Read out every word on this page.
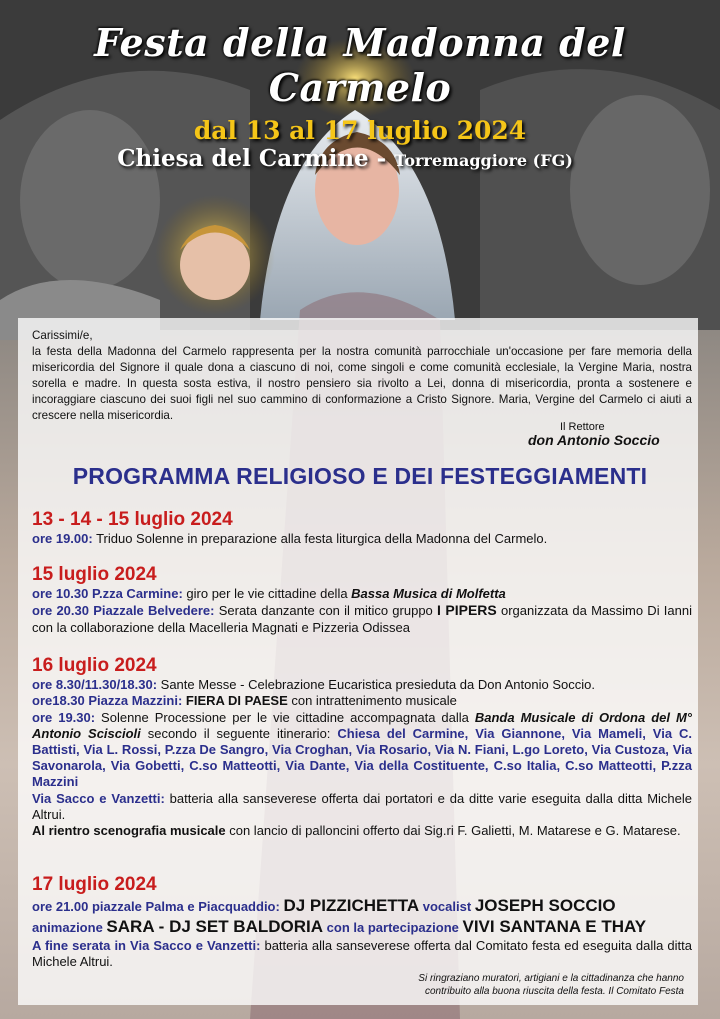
Festa della Madonna del Carmelo
dal 13 al 17 luglio 2024
Chiesa del Carmine - Torremaggiore (FG)
Carissimi/e,
la festa della Madonna del Carmelo rappresenta per la nostra comunità parrocchiale un'occasione per fare memoria della misericordia del Signore il quale dona a ciascuno di noi, come singoli e come comunità ecclesiale, la Vergine Maria, nostra sorella e madre. In questa sosta estiva, il nostro pensiero sia rivolto a Lei, donna di misericordia, pronta a sostenere e incoraggiare ciascuno dei suoi figli nel suo cammino di conformazione a Cristo Signore. Maria, Vergine del Carmelo ci aiuti a crescere nella misericordia.
Il Rettore
don Antonio Soccio
PROGRAMMA RELIGIOSO E DEI FESTEGGIAMENTI
13 - 14 - 15 luglio 2024
ore 19.00: Triduo Solenne in preparazione alla festa liturgica della Madonna del Carmelo.
15 luglio 2024
ore 10.30 P.zza Carmine: giro per le vie cittadine della Bassa Musica di Molfetta
ore 20.30 Piazzale Belvedere: Serata danzante con il mitico gruppo I PIPERS organizzata da Massimo Di Ianni con la collaborazione della Macelleria Magnati e Pizzeria Odissea
16 luglio 2024
ore 8.30/11.30/18.30: Sante Messe - Celebrazione Eucaristica presieduta da Don Antonio Soccio.
ore18.30 Piazza Mazzini: FIERA DI PAESE con intrattenimento musicale
ore 19.30: Solenne Processione per le vie cittadine accompagnata dalla Banda Musicale di Ordona del M° Antonio Sciscioli secondo il seguente itinerario: Chiesa del Carmine, Via Giannone, Via Mameli, Via C. Battisti, Via L. Rossi, P.zza De Sangro, Via Croghan, Via Rosario, Via N. Fiani, L.go Loreto, Via Custoza, Via Savonarola, Via Gobetti, C.so Matteotti, Via Dante, Via della Costituente, C.so Italia, C.so Matteotti, P.zza Mazzini
Via Sacco e Vanzetti: batteria alla sanseverese offerta dai portatori e da ditte varie eseguita dalla ditta Michele Altrui.
Al rientro scenografia musicale con lancio di palloncini offerto dai Sig.ri F. Galietti, M. Matarese e G. Matarese.
17 luglio 2024
ore 21.00 piazzale Palma e Piacquaddio: DJ PIZZICHETTA vocalist JOSEPH SOCCIO
animazione SARA - DJ SET BALDORIA con la partecipazione VIVI SANTANA E THAY
A fine serata in Via Sacco e Vanzetti: batteria alla sanseverese offerta dal Comitato festa ed eseguita dalla ditta Michele Altrui.
Si ringraziano muratori, artigiani e la cittadinanza che hanno
contribuito alla buona riuscita della festa. Il Comitato Festa
